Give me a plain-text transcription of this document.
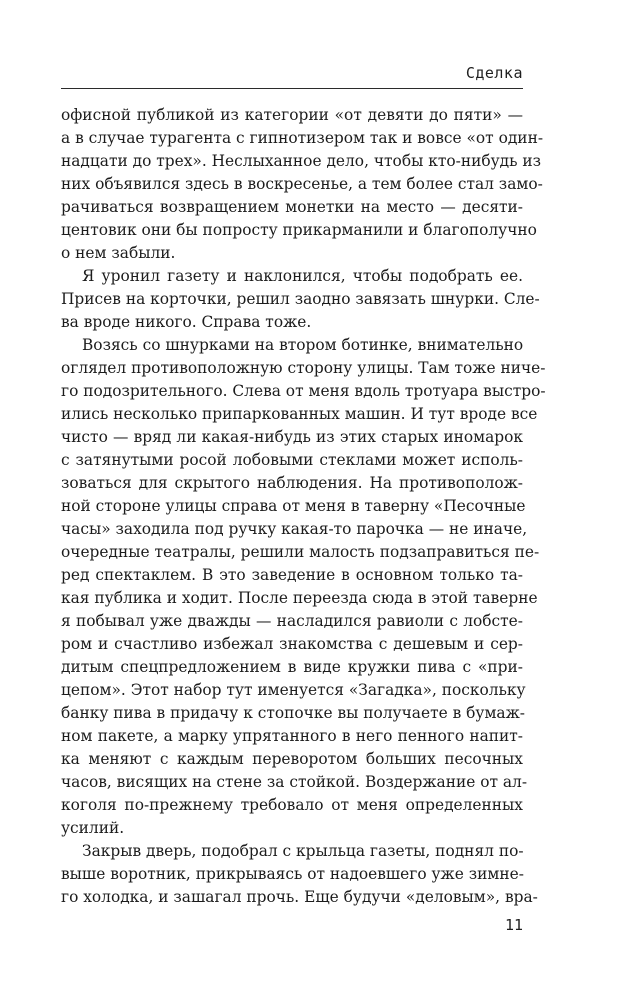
Сделка
офисной публикой из категории «от девяти до пяти» —
а в случае турагента с гипнотизером так и вовсе «от один-
надцати до трех». Неслыханное дело, чтобы кто-нибудь из
них объявился здесь в воскресенье, а тем более стал замо-
рачиваться возвращением монетки на место — десяти-
центовик они бы попросту прикарманили и благополучно
о нем забыли.
Я уронил газету и наклонился, чтобы подобрать ее.
Присев на корточки, решил заодно завязать шнурки. Сле-
ва вроде никого. Справа тоже.
Возясь со шнурками на втором ботинке, внимательно
оглядел противоположную сторону улицы. Там тоже ниче-
го подозрительного. Слева от меня вдоль тротуара выстро-
ились несколько припаркованных машин. И тут вроде все
чисто — вряд ли какая-нибудь из этих старых иномарок
с затянутыми росой лобовыми стеклами может исполь-
зоваться для скрытого наблюдения. На противополож-
ной стороне улицы справа от меня в таверну «Песочные
часы» заходила под ручку какая-то парочка — не иначе,
очередные театралы, решили малость подзаправиться пе-
ред спектаклем. В это заведение в основном только та-
кая публика и ходит. После переезда сюда в этой таверне
я побывал уже дважды — насладился равиоли с лобсте-
ром и счастливо избежал знакомства с дешевым и сер-
дитым спецпредложением в виде кружки пива с «при-
цепом». Этот набор тут именуется «Загадка», поскольку
банку пива в придачу к стопочке вы получаете в бумаж-
ном пакете, а марку упрятанного в него пенного напит-
ка меняют с каждым переворотом больших песочных
часов, висящих на стене за стойкой. Воздержание от ал-
коголя по-прежнему требовало от меня определенных
усилий.
Закрыв дверь, подобрал с крыльца газеты, поднял по-
выше воротник, прикрываясь от надоевшего уже зимне-
го холодка, и зашагал прочь. Еще будучи «деловым», вра-
11
